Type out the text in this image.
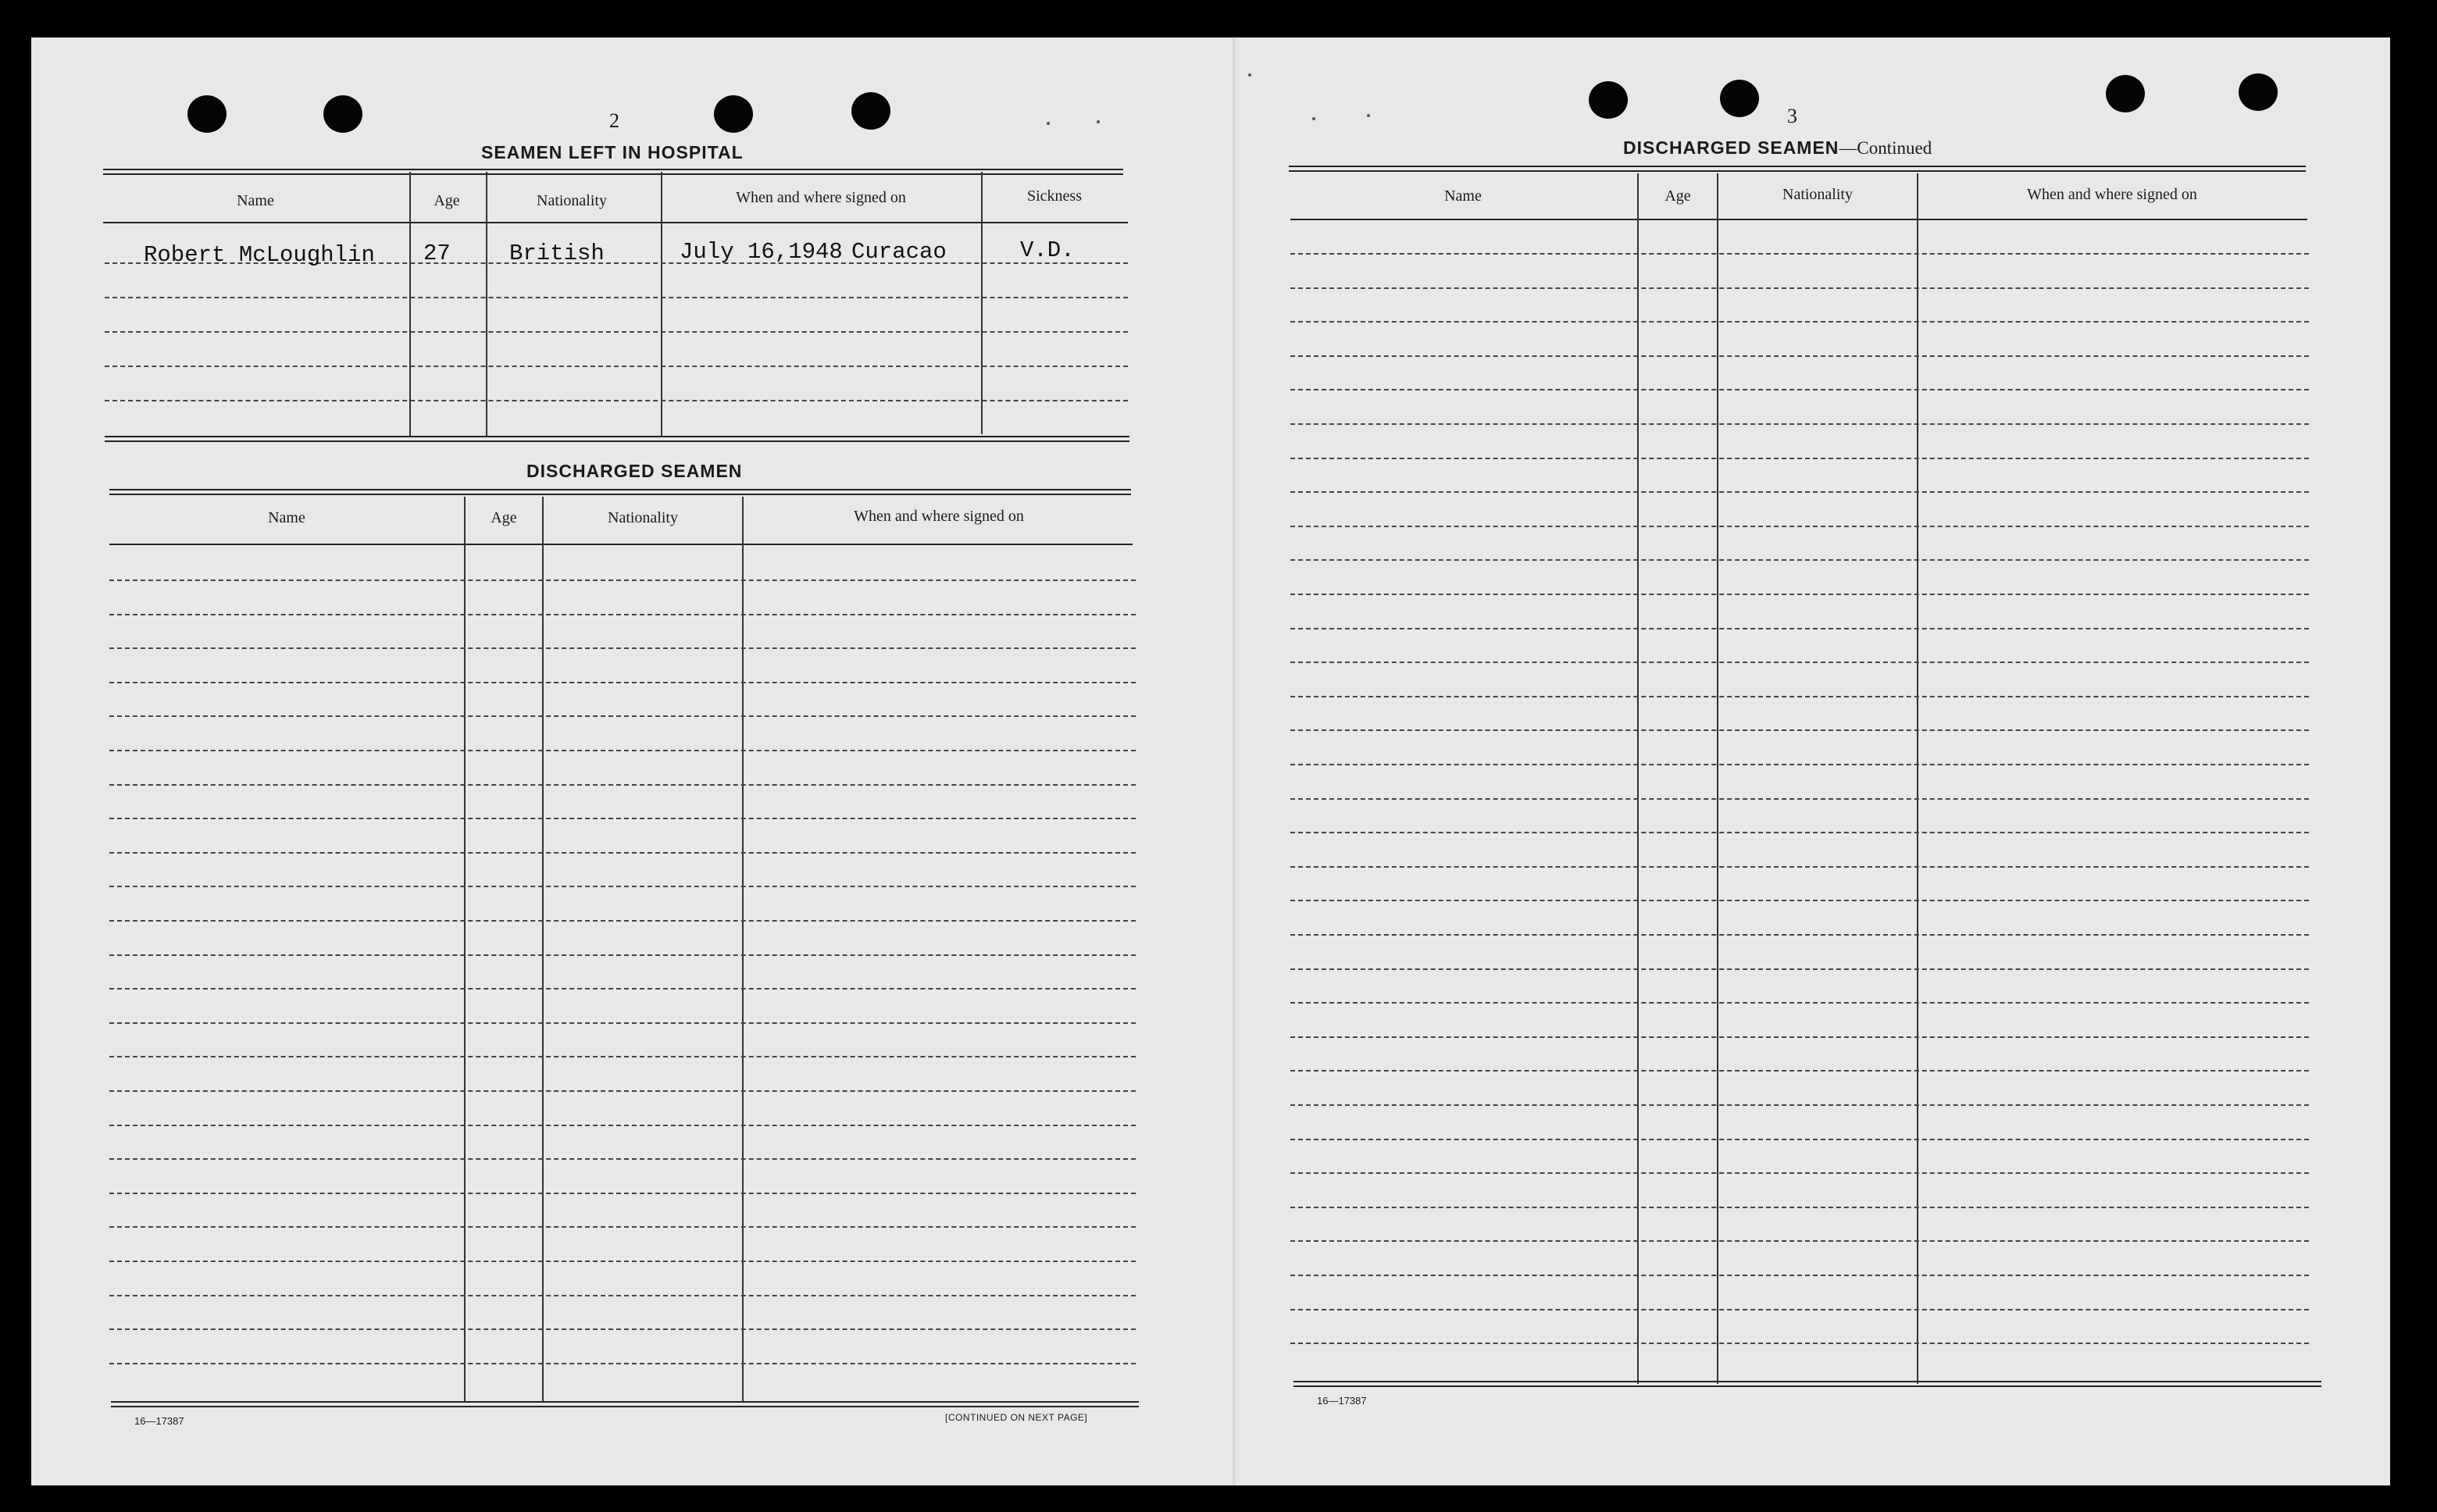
2
SEAMEN LEFT IN HOSPITAL
Name	Age	Nationality	When and where signed on	Sickness
Robert McLoughlin 27	British	July 16,1948 Curacao	V.D.
DISCHARGED SEAMEN
Name	Age	Nationality	When and where signed on
16—17387	[CONTINUED ON NEXT PAGE]
3
DISCHARGED SEAMEN—Continued
Name	Age	Nationality	When and where signed on
16—17387
